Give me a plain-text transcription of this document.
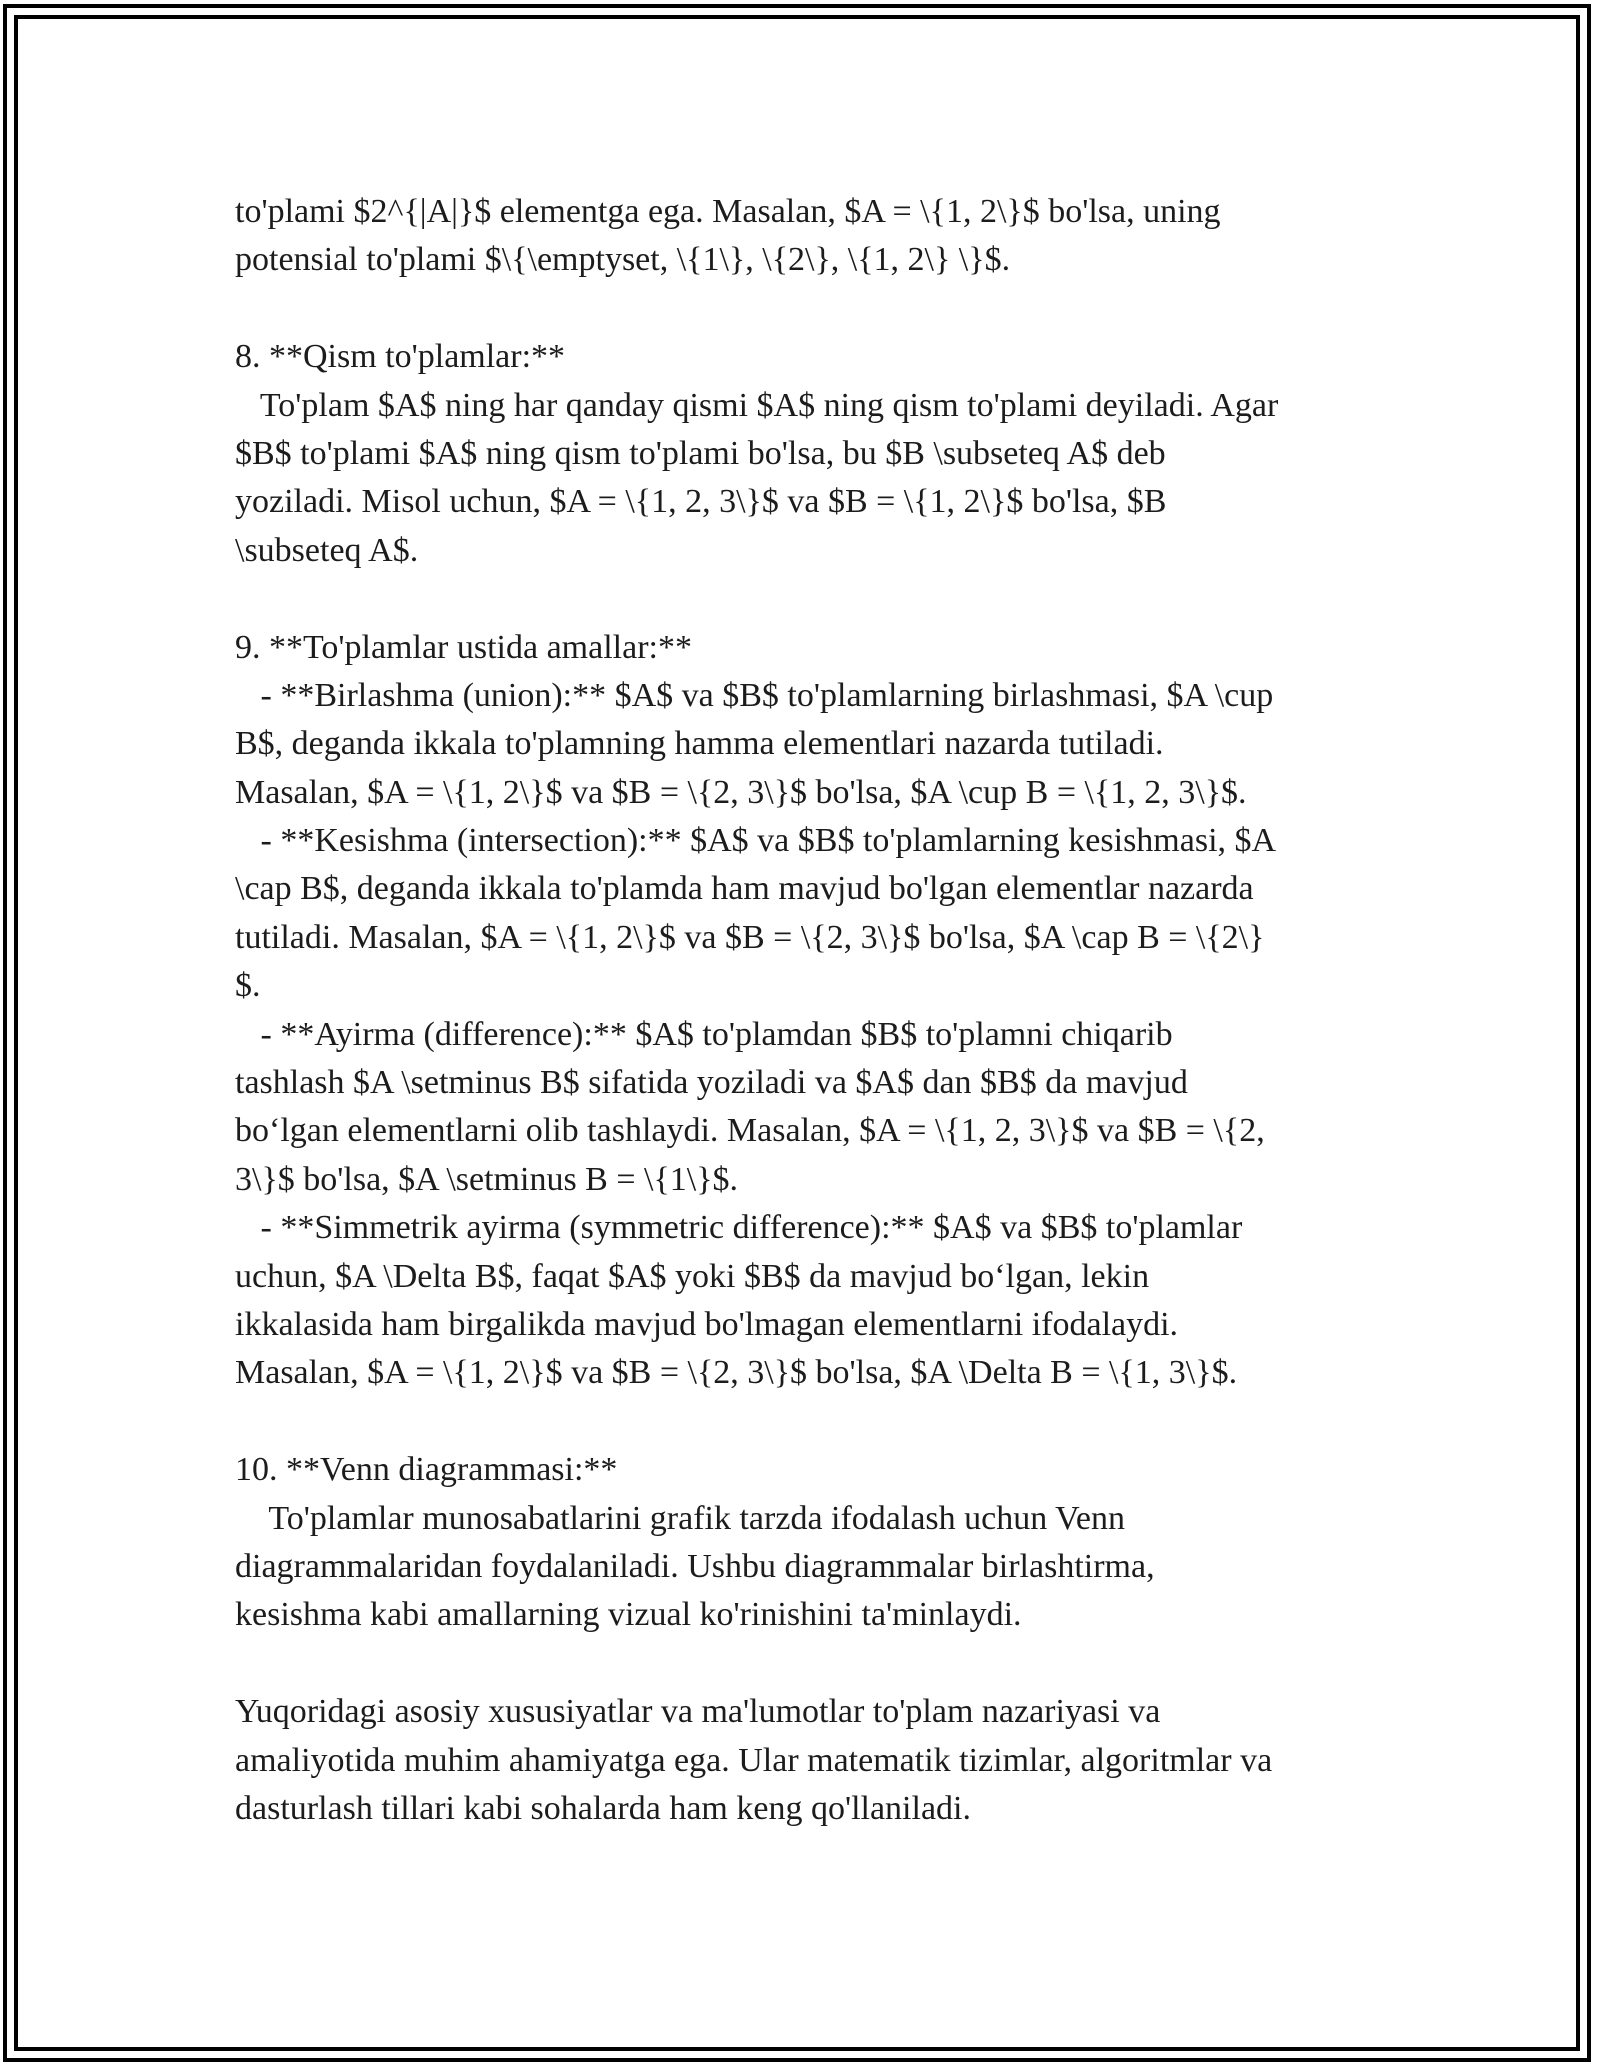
to'plami $2^{|A|}$ elementga ega. Masalan, $A = \{1, 2\}$ bo'lsa, uning
potensial to'plami $\{\emptyset, \{1\}, \{2\}, \{1, 2\} \}$.
8. **Qism to'plamlar:**
To'plam $A$ ning har qanday qismi $A$ ning qism to'plami deyiladi. Agar
$B$ to'plami $A$ ning qism to'plami bo'lsa, bu $B \subseteq A$ deb
yoziladi. Misol uchun, $A = \{1, 2, 3\}$ va $B = \{1, 2\}$ bo'lsa, $B
\subseteq A$.
9. **To'plamlar ustida amallar:**
- **Birlashma (union):** $A$ va $B$ to'plamlarning birlashmasi, $A \cup
B$, deganda ikkala to'plamning hamma elementlari nazarda tutiladi.
Masalan, $A = \{1, 2\}$ va $B = \{2, 3\}$ bo'lsa, $A \cup B = \{1, 2, 3\}$.
- **Kesishma (intersection):** $A$ va $B$ to'plamlarning kesishmasi, $A
\cap B$, deganda ikkala to'plamda ham mavjud bo'lgan elementlar nazarda
tutiladi. Masalan, $A = \{1, 2\}$ va $B = \{2, 3\}$ bo'lsa, $A \cap B = \{2\}
$.
- **Ayirma (difference):** $A$ to'plamdan $B$ to'plamni chiqarib
tashlash $A \setminus B$ sifatida yoziladi va $A$ dan $B$ da mavjud
bo‘lgan elementlarni olib tashlaydi. Masalan, $A = \{1, 2, 3\}$ va $B = \{2,
3\}$ bo'lsa, $A \setminus B = \{1\}$.
- **Simmetrik ayirma (symmetric difference):** $A$ va $B$ to'plamlar
uchun, $A \Delta B$, faqat $A$ yoki $B$ da mavjud bo‘lgan, lekin
ikkalasida ham birgalikda mavjud bo'lmagan elementlarni ifodalaydi.
Masalan, $A = \{1, 2\}$ va $B = \{2, 3\}$ bo'lsa, $A \Delta B = \{1, 3\}$.
10. **Venn diagrammasi:**
To'plamlar munosabatlarini grafik tarzda ifodalash uchun Venn
diagrammalaridan foydalaniladi. Ushbu diagrammalar birlashtirma,
kesishma kabi amallarning vizual ko'rinishini ta'minlaydi.
Yuqoridagi asosiy xususiyatlar va ma'lumotlar to'plam nazariyasi va
amaliyotida muhim ahamiyatga ega. Ular matematik tizimlar, algoritmlar va
dasturlash tillari kabi sohalarda ham keng qo'llaniladi.
